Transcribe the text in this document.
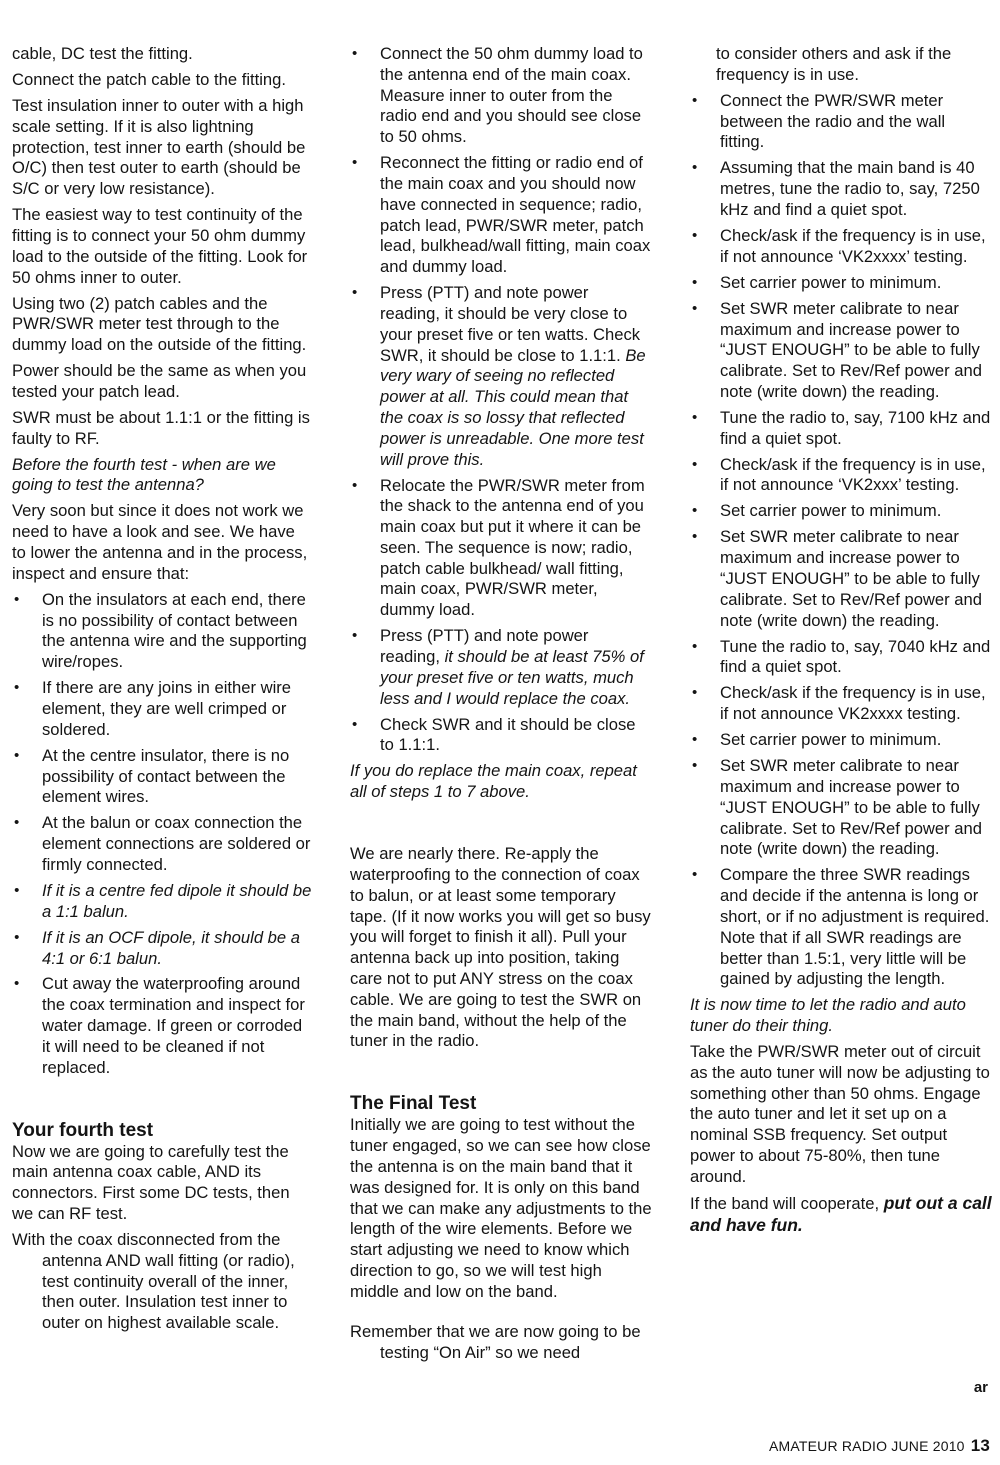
cable, DC test the fitting.

Connect the patch cable to the fitting.

Test insulation inner to outer with a high scale setting. If it is also lightning protection, test inner to earth (should be O/C) then test outer to earth (should be S/C or very low resistance).

The easiest way to test continuity of the fitting is to connect your 50 ohm dummy load to the outside of the fitting. Look for 50 ohms inner to outer.

Using two (2) patch cables and the PWR/SWR meter test through to the dummy load on the outside of the fitting.

Power should be the same as when you tested your patch lead.

SWR must be about 1.1:1 or the fitting is faulty to RF.

Before the fourth test - when are we going to test the antenna?

Very soon but since it does not work we need to have a look and see. We have to lower the antenna and in the process, inspect and ensure that:

• On the insulators at each end, there is no possibility of contact between the antenna wire and the supporting wire/ropes.
• If there are any joins in either wire element, they are well crimped or soldered.
• At the centre insulator, there is no possibility of contact between the element wires.
• At the balun or coax connection the element connections are soldered or firmly connected.
• If it is a centre fed dipole it should be a 1:1 balun.
• If it is an OCF dipole, it should be a 4:1 or 6:1 balun.
• Cut away the waterproofing around the coax termination and inspect for water damage. If green or corroded it will need to be cleaned if not replaced.
Your fourth test

Now we are going to carefully test the main antenna coax cable, AND its connectors. First some DC tests, then we can RF test.

With the coax disconnected from the antenna AND wall fitting (or radio), test continuity overall of the inner, then outer. Insulation test inner to outer on highest available scale.

• Connect the 50 ohm dummy load to the antenna end of the main coax. Measure inner to outer from the radio end and you should see close to 50 ohms.
• Reconnect the fitting or radio end of the main coax and you should now have connected in sequence; radio, patch lead, PWR/SWR meter, patch lead, bulkhead/wall fitting, main coax and dummy load.
• Press (PTT) and note power reading, it should be very close to your preset five or ten watts. Check SWR, it should be close to 1.1:1. Be very wary of seeing no reflected power at all. This could mean that the coax is so lossy that reflected power is unreadable. One more test will prove this.
• Relocate the PWR/SWR meter from the shack to the antenna end of you main coax but put it where it can be seen. The sequence is now; radio, patch cable bulkhead/ wall fitting, main coax, PWR/SWR meter, dummy load.
• Press (PTT) and note power reading, it should be at least 75% of your preset five or ten watts, much less and I would replace the coax.
• Check SWR and it should be close to 1.1:1.

If you do replace the main coax, repeat all of steps 1 to 7 above.

We are nearly there. Re-apply the waterproofing to the connection of coax to balun, or at least some temporary tape. (If it now works you will get so busy you will forget to finish it all). Pull your antenna back up into position, taking care not to put ANY stress on the coax cable. We are going to test the SWR on the main band, without the help of the tuner in the radio.

The Final Test

Initially we are going to test without the tuner engaged, so we can see how close the antenna is on the main band that it was designed for. It is only on this band that we can make any adjustments to the length of the wire elements. Before we start adjusting we need to know which direction to go, so we will test high middle and low on the band.

Remember that we are now going to be testing “On Air” so we need

to consider others and ask if the frequency is in use.

• Connect the PWR/SWR meter between the radio and the wall fitting.
• Assuming that the main band is 40 metres, tune the radio to, say, 7250 kHz and find a quiet spot.
• Check/ask if the frequency is in use, if not announce ‘VK2xxxx’ testing.
• Set carrier power to minimum.
• Set SWR meter calibrate to near maximum and increase power to “JUST ENOUGH” to be able to fully calibrate. Set to Rev/Ref power and note (write down) the reading.
• Tune the radio to, say, 7100 kHz and find a quiet spot.
• Check/ask if the frequency is in use, if not announce ‘VK2xxx’ testing.
• Set carrier power to minimum.
• Set SWR meter calibrate to near maximum and increase power to “JUST ENOUGH” to be able to fully calibrate. Set to Rev/Ref power and note (write down) the reading.
• Tune the radio to, say, 7040 kHz and find a quiet spot.
• Check/ask if the frequency is in use, if not announce VK2xxxx testing.
• Set carrier power to minimum.
• Set SWR meter calibrate to near maximum and increase power to “JUST ENOUGH” to be able to fully calibrate. Set to Rev/Ref power and note (write down) the reading.
• Compare the three SWR readings and decide if the antenna is long or short, or if no adjustment is required. Note that if all SWR readings are better than 1.5:1, very little will be gained by adjusting the length.

It is now time to let the radio and auto tuner do their thing.

Take the PWR/SWR meter out of circuit as the auto tuner will now be adjusting to something other than 50 ohms. Engage the auto tuner and let it set up on a nominal SSB frequency. Set output power to about 75-80%, then tune around.

If the band will cooperate, put out a call and have fun.

ar
AMATEUR RADIO JUNE 2010 13
